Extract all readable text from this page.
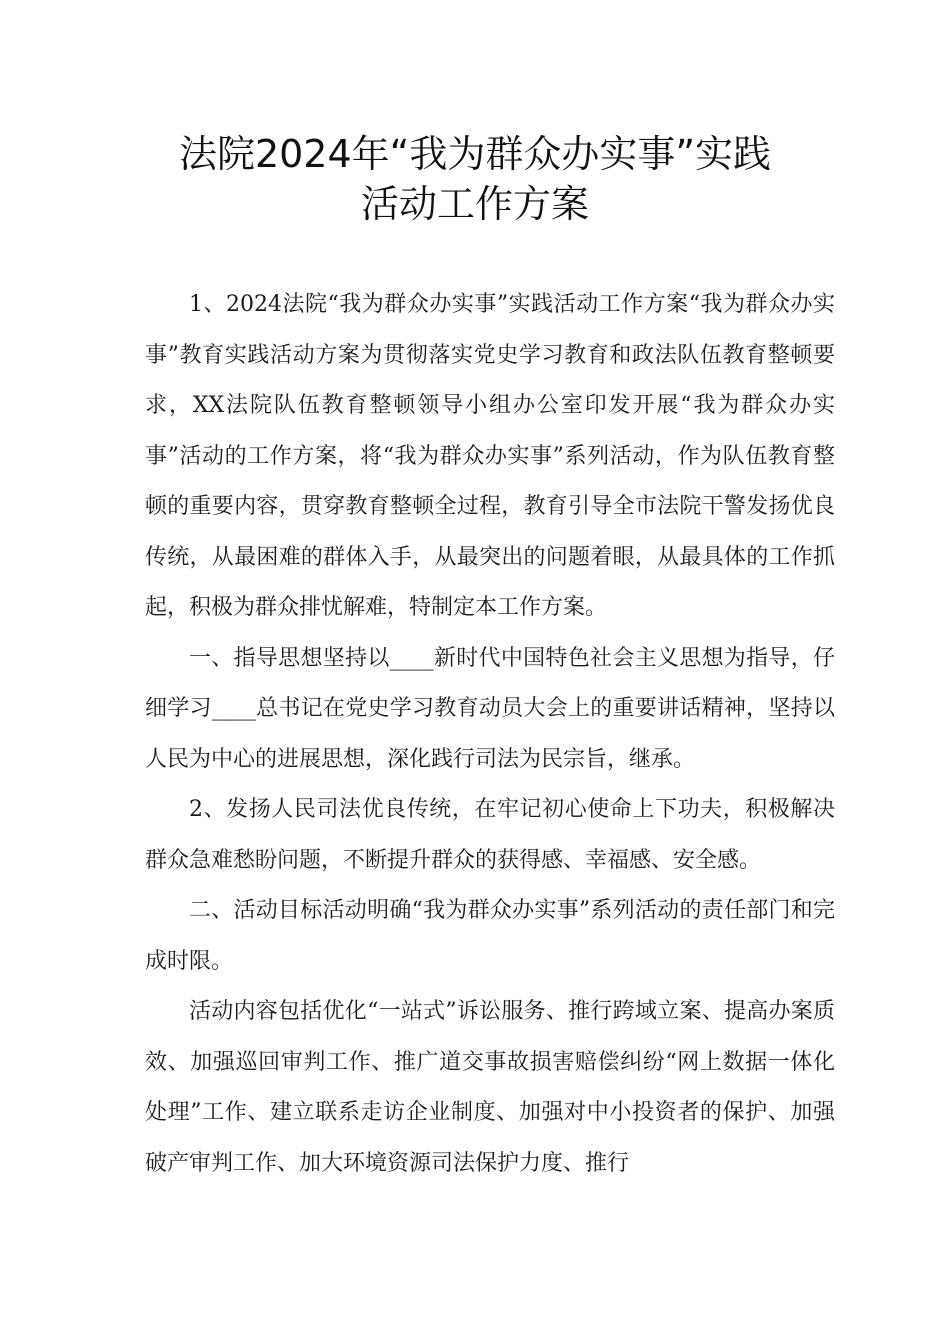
法院2024年“我为群众办实事”实践
活动工作方案

1、2024法院“我为群众办实事”实践活动工作方案“我为群众办实事”教育实践活动方案为贯彻落实党史学习教育和政法队伍教育整顿要求，XX法院队伍教育整顿领导小组办公室印发开展“我为群众办实事”活动的工作方案，将“我为群众办实事”系列活动，作为队伍教育整顿的重要内容，贯穿教育整顿全过程，教育引导全市法院干警发扬优良传统，从最困难的群体入手，从最突出的问题着眼，从最具体的工作抓起，积极为群众排忧解难，特制定本工作方案。

一、指导思想坚持以____新时代中国特色社会主义思想为指导，仔细学习____总书记在党史学习教育动员大会上的重要讲话精神，坚持以人民为中心的进展思想，深化践行司法为民宗旨，继承。

2、发扬人民司法优良传统，在牢记初心使命上下功夫，积极解决群众急难愁盼问题，不断提升群众的获得感、幸福感、安全感。

二、活动目标活动明确“我为群众办实事”系列活动的责任部门和完成时限。

活动内容包括优化“一站式”诉讼服务、推行跨域立案、提高办案质效、加强巡回审判工作、推广道交事故损害赔偿纠纷“网上数据一体化处理”工作、建立联系走访企业制度、加强对中小投资者的保护、加强破产审判工作、加大环境资源司法保护力度、推行
